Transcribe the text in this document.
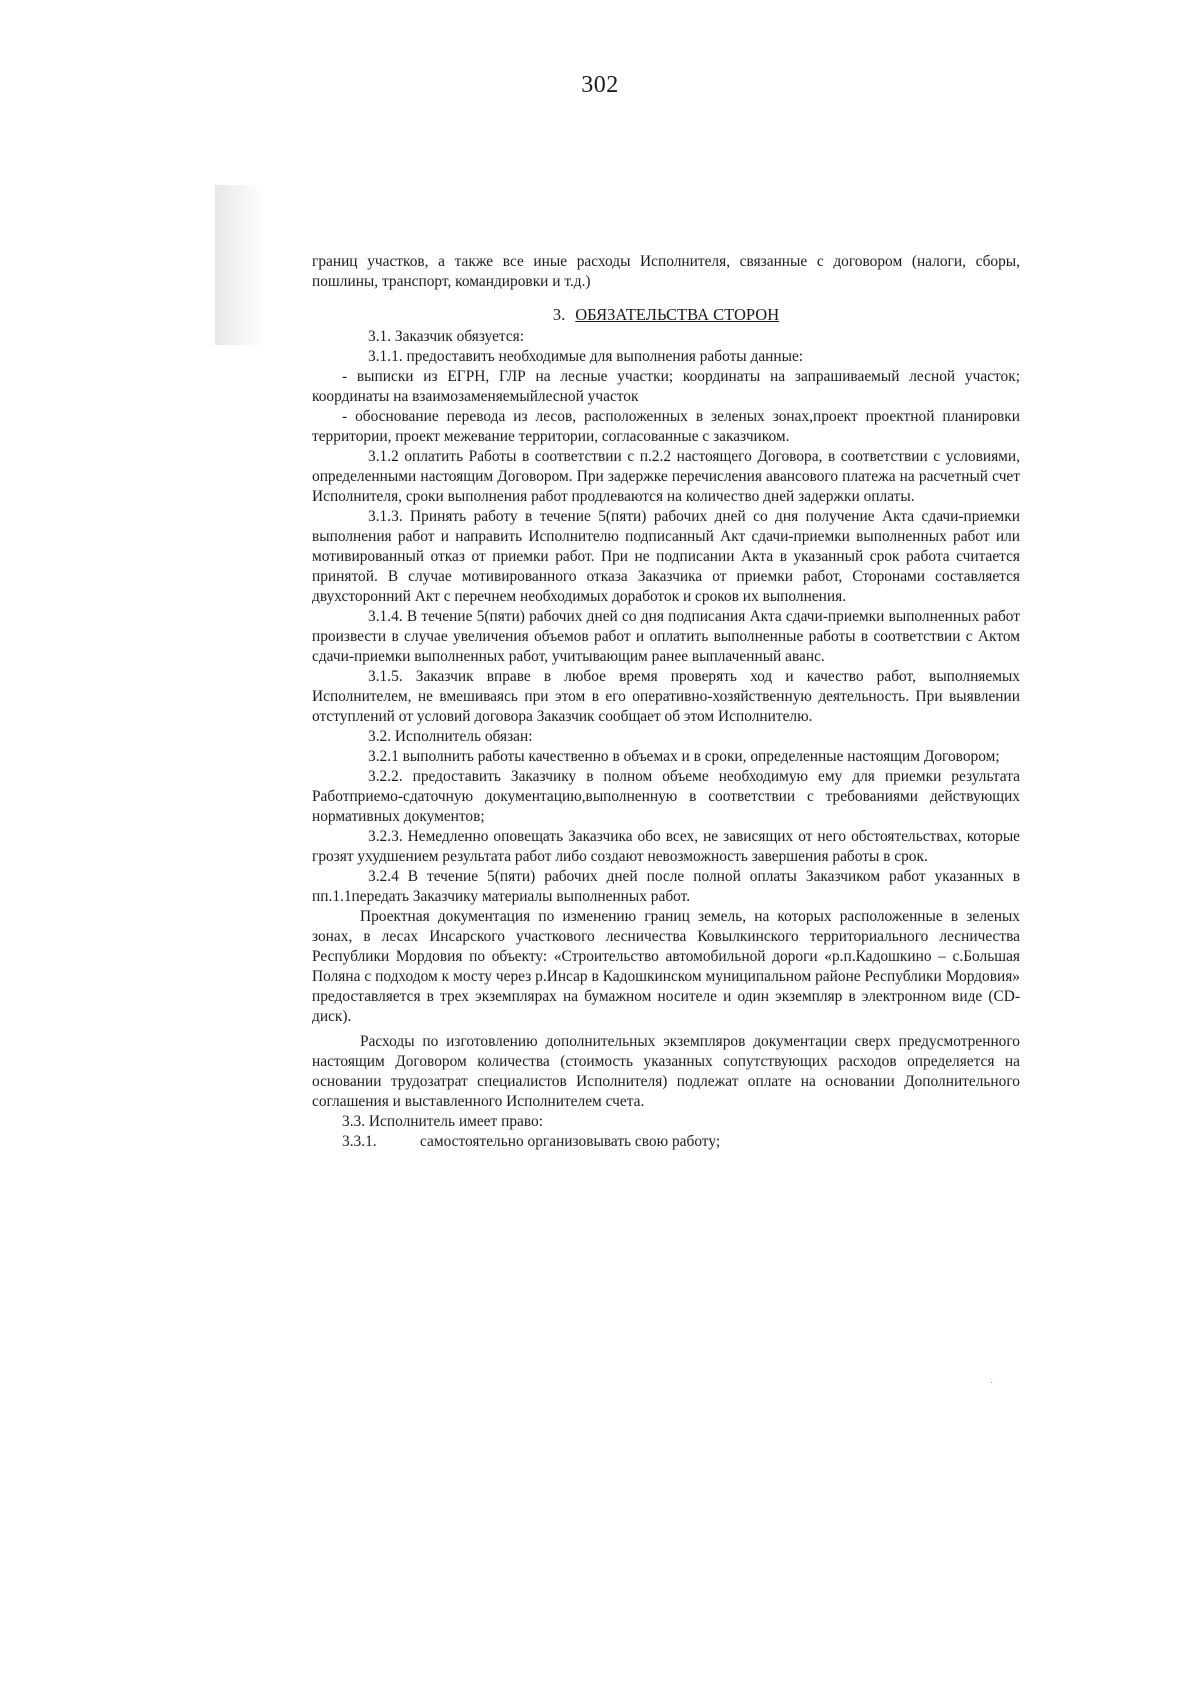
302

границ участков, а также все иные расходы Исполнителя, связанные с договором (налоги, сборы, пошлины, транспорт, командировки и т.д.)

3. ОБЯЗАТЕЛЬСТВА СТОРОН

3.1. Заказчик обязуется:

3.1.1. предоставить необходимые для выполнения работы данные:

- выписки из ЕГРН, ГЛР на лесные участки; координаты на запрашиваемый лесной участок; координаты на взаимозаменяемыйлесной участок

- обоснование перевода из лесов, расположенных в зеленых зонах,проект проектной планировки территории, проект межевание территории, согласованные с заказчиком.

3.1.2 оплатить Работы в соответствии с п.2.2 настоящего Договора, в соответствии с условиями, определенными настоящим Договором. При задержке перечисления авансового платежа на расчетный счет Исполнителя, сроки выполнения работ продлеваются на количество дней задержки оплаты.

3.1.3. Принять работу в течение 5(пяти) рабочих дней со дня получение Акта сдачи-приемки выполнения работ и направить Исполнителю подписанный Акт сдачи-приемки выполненных работ или мотивированный отказ от приемки работ. При не подписании Акта в указанный срок работа считается принятой. В случае мотивированного отказа Заказчика от приемки работ, Сторонами составляется двухсторонний Акт с перечнем необходимых доработок и сроков их выполнения.

3.1.4. В течение 5(пяти) рабочих дней со дня подписания Акта сдачи-приемки выполненных работ произвести в случае увеличения объемов работ и оплатить выполненные работы в соответствии с Актом сдачи-приемки выполненных работ, учитывающим ранее выплаченный аванс.

3.1.5. Заказчик вправе в любое время проверять ход и качество работ, выполняемых Исполнителем, не вмешиваясь при этом в его оперативно-хозяйственную деятельность. При выявлении отступлений от условий договора Заказчик сообщает об этом Исполнителю.

3.2. Исполнитель обязан:

3.2.1 выполнить работы качественно в объемах и в сроки, определенные настоящим Договором;

3.2.2. предоставить Заказчику в полном объеме необходимую ему для приемки результата Работприемо-сдаточную документацию,выполненную в соответствии с требованиями действующих нормативных документов;

3.2.3. Немедленно оповещать Заказчика обо всех, не зависящих от него обстоятельствах, которые грозят ухудшением результата работ либо создают невозможность завершения работы в срок.

3.2.4 В течение 5(пяти) рабочих дней после полной оплаты Заказчиком работ указанных в пп.1.1передать Заказчику материалы выполненных работ.

Проектная документация по изменению границ земель, на которых расположенные в зеленых зонах, в лесах Инсарского участкового лесничества Ковылкинского территориального лесничества Республики Мордовия по объекту: «Строительство автомобильной дороги «р.п.Кадошкино – с.Большая Поляна с подходом к мосту через р.Инсар в Кадошкинском муниципальном районе Республики Мордовия» предоставляется в трех экземплярах на бумажном носителе и один экземпляр в электронном виде (CD-диск).

Расходы по изготовлению дополнительных экземпляров документации сверх предусмотренного настоящим Договором количества (стоимость указанных сопутствующих расходов определяется на основании трудозатрат специалистов Исполнителя) подлежат оплате на основании Дополнительного соглашения и выставленного Исполнителем счета.

3.3. Исполнитель имеет право:

3.3.1.	самостоятельно организовывать свою работу;

·
